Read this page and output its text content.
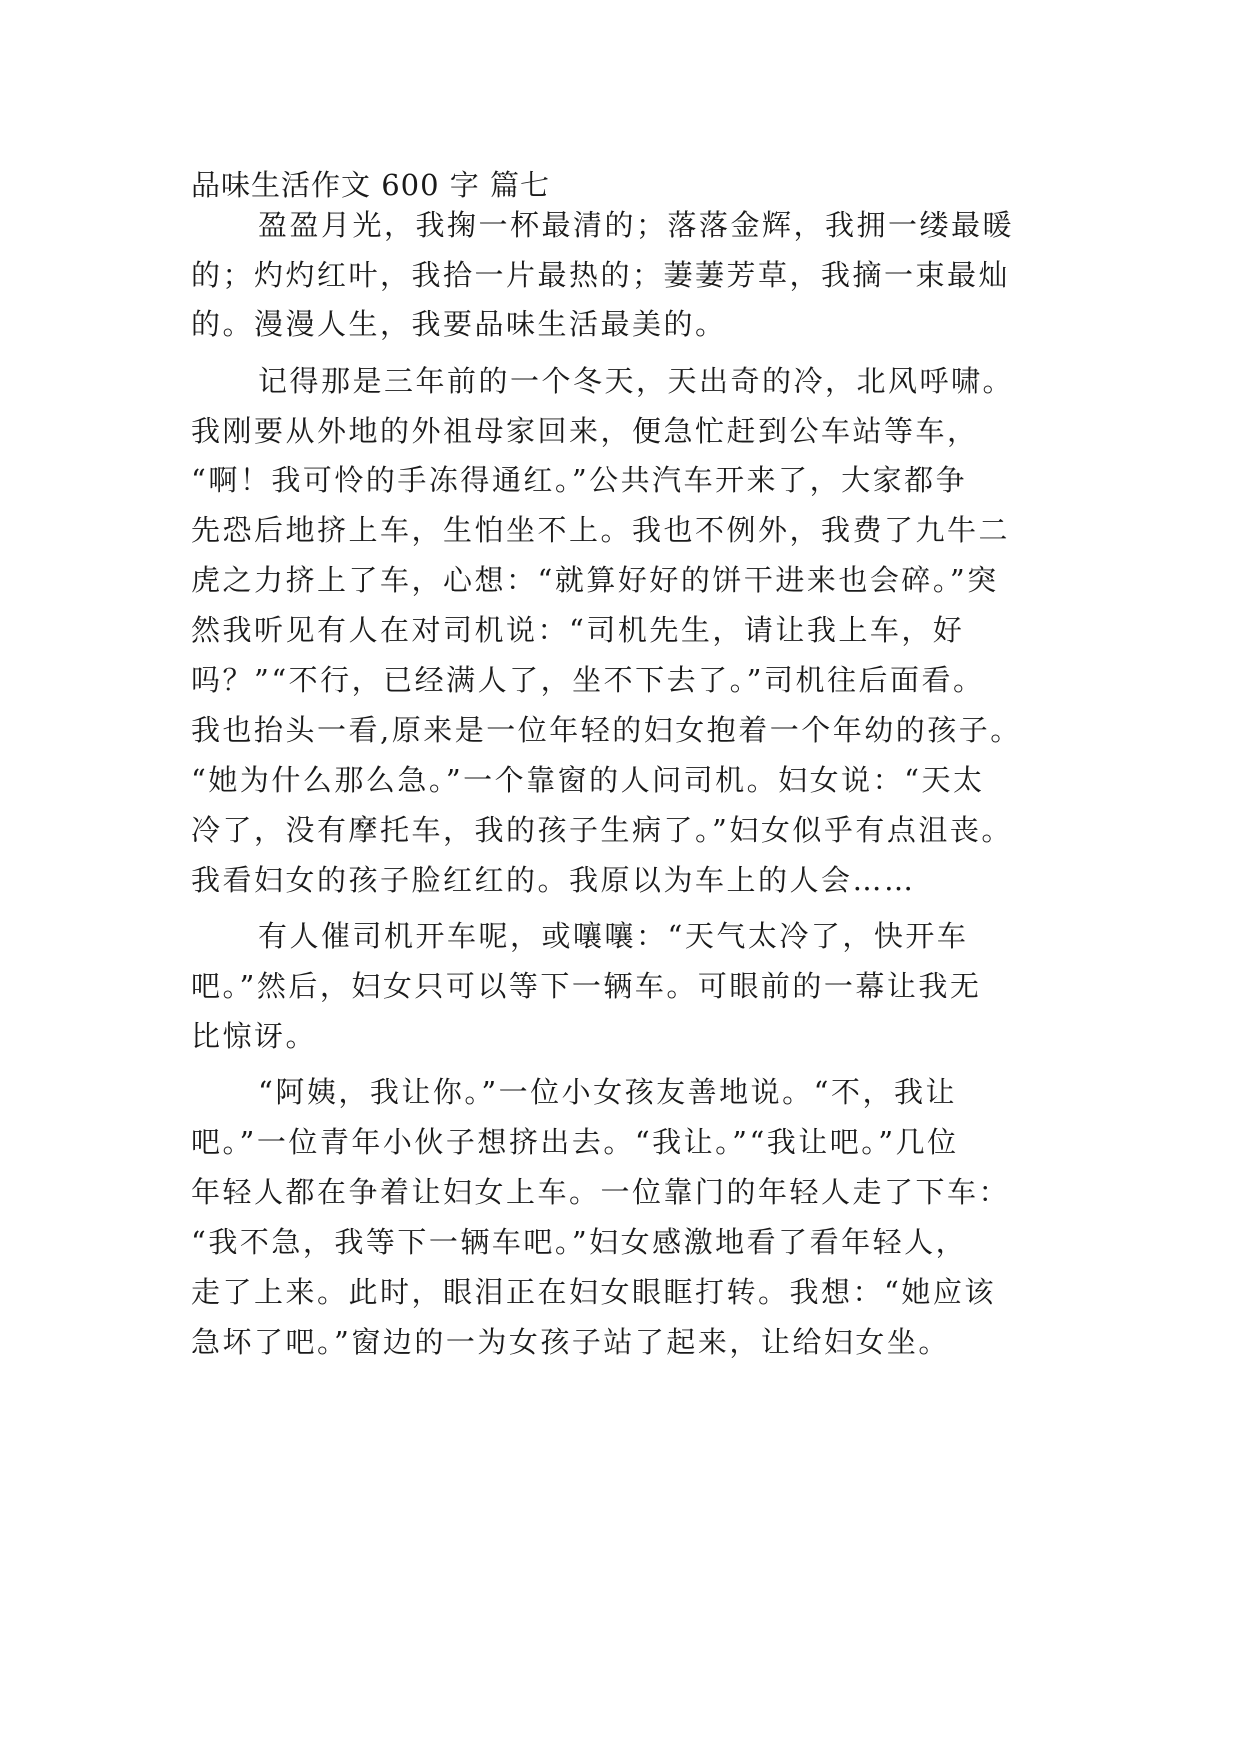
品味生活作文 600 字 篇七
盈盈月光，我掬一杯最清的；落落金辉，我拥一缕最暖
的；灼灼红叶，我拾一片最热的；萋萋芳草，我摘一束最灿
的。漫漫人生，我要品味生活最美的。
记得那是三年前的一个冬天，天出奇的冷，北风呼啸。
我刚要从外地的外祖母家回来，便急忙赶到公车站等车，
“啊！我可怜的手冻得通红。”公共汽车开来了，大家都争
先恐后地挤上车，生怕坐不上。我也不例外，我费了九牛二
虎之力挤上了车，心想：“就算好好的饼干进来也会碎。”突
然我听见有人在对司机说：“司机先生，请让我上车，好
吗？”“不行，已经满人了，坐不下去了。”司机往后面看。
我也抬头一看,原来是一位年轻的妇女抱着一个年幼的孩子。
“她为什么那么急。”一个靠窗的人问司机。妇女说：“天太
冷了，没有摩托车，我的孩子生病了。”妇女似乎有点沮丧。
我看妇女的孩子脸红红的。我原以为车上的人会……
有人催司机开车呢，或嚷嚷：“天气太冷了，快开车
吧。”然后，妇女只可以等下一辆车。可眼前的一幕让我无
比惊讶。
“阿姨，我让你。”一位小女孩友善地说。“不，我让
吧。”一位青年小伙子想挤出去。“我让。”“我让吧。”几位
年轻人都在争着让妇女上车。一位靠门的年轻人走了下车：
“我不急，我等下一辆车吧。”妇女感激地看了看年轻人，
走了上来。此时，眼泪正在妇女眼眶打转。我想：“她应该
急坏了吧。”窗边的一为女孩子站了起来，让给妇女坐。
